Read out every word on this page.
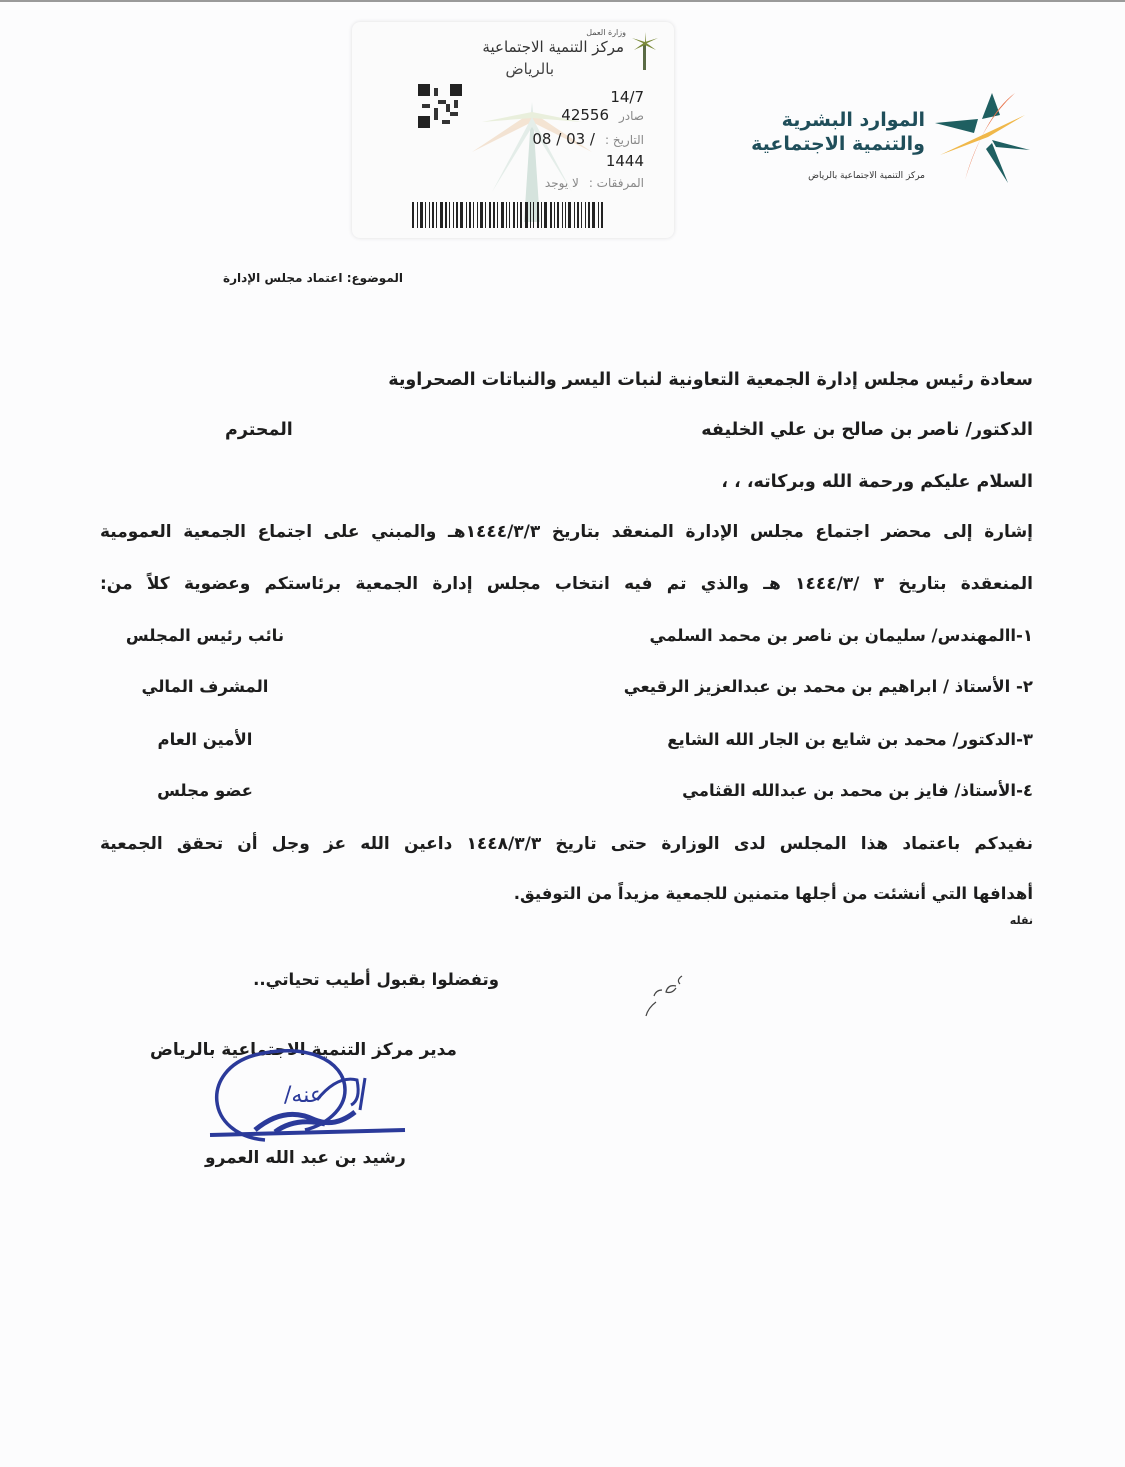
الموارد البشرية
والتنمية الاجتماعية
مركز التنمية الاجتماعية بالرياض
وزارة العمل
مركز التنمية الاجتماعية
بالرياض
14/7
صادر
42556
التاريخ :
08 / 03 /
1444
المرفقات :
لا يوجد
الموضوع: اعتماد مجلس الإدارة
سعادة رئيس مجلس إدارة الجمعية التعاونية لنبات اليسر والنباتات الصحراوية
الدكتور/ ناصر بن صالح بن علي الخليفه
المحترم
السلام عليكم ورحمة الله وبركاته، ، ،
إشارة إلى محضر اجتماع مجلس الإدارة المنعقد بتاريخ ١٤٤٤/٣/٣هـ والمبني على اجتماع الجمعية العمومية
المنعقدة بتاريخ ٣ /١٤٤٤/٣ هـ والذي تم فيه انتخاب مجلس إدارة الجمعية برئاستكم وعضوية كلاً من:
١-االمهندس/ سليمان بن ناصر بن محمد السلمي
نائب رئيس المجلس
٢- الأستاذ / ابراهيم بن محمد بن عبدالعزيز الرقيعي
المشرف المالي
٣-الدكتور/ محمد بن شايع بن الجار الله الشايع
الأمين العام
٤-الأستاذ/ فايز بن محمد بن عبدالله القثامي
عضو مجلس
نفيدكم باعتماد هذا المجلس لدى الوزارة حتى تاريخ ١٤٤٨/٣/٣ داعين الله عز وجل أن تحقق الجمعية
أهدافها التي أنشئت من أجلها متمنين للجمعية مزيداً من التوفيق.
نقله
وتفضلوا بقبول أطيب تحياتي..
مدير مركز التنمية الاجتماعية بالرياض
عنه/
رشيد بن عبد الله العمرو
